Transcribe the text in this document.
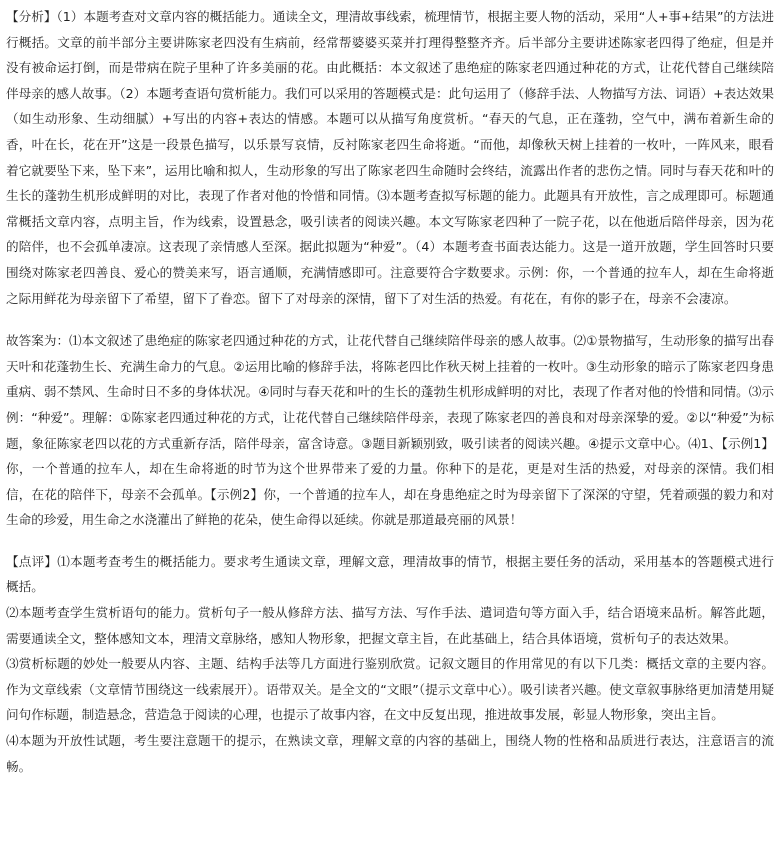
【分析】（1）本题考查对文章内容的概括能力。通读全文，理清故事线索，梳理情节，根据主要人物的活动，采用“人+事+结果”的方法进行概括。文章的前半部分主要讲陈家老四没有生病前，经常帮婆婆买菜并打理得整整齐齐。后半部分主要讲述陈家老四得了绝症，但是并没有被命运打倒，而是带病在院子里种了许多美丽的花。由此概括：本文叙述了患绝症的陈家老四通过种花的方式，让花代替自己继续陪伴母亲的感人故事。（2）本题考查语句赏析能力。我们可以采用的答题模式是：此句运用了（修辞手法、人物描写方法、词语）+表达效果（如生动形象、生动细腻）+写出的内容+表达的情感。本题可以从描写角度赏析。“春天的气息，正在蓬勃，空气中，满布着新生命的香，叶在长，花在开”这是一段景色描写，以乐景写哀情，反衬陈家老四生命将逝。“而他，却像秋天树上挂着的一枚叶，一阵风来，眼看着它就要坠下来，坠下来”，运用比喻和拟人，生动形象的写出了陈家老四生命随时会终结，流露出作者的悲伤之情。同时与春天花和叶的生长的蓬勃生机形成鲜明的对比，表现了作者对他的怜惜和同情。⑶本题考查拟写标题的能力。此题具有开放性，言之成理即可。标题通常概括文章内容，点明主旨，作为线索，设置悬念，吸引读者的阅读兴趣。本文写陈家老四种了一院子花，以在他逝后陪伴母亲，因为花的陪伴，也不会孤单凄凉。这表现了亲情感人至深。据此拟题为“种爱”。（4）本题考查书面表达能力。这是一道开放题，学生回答时只要围绕对陈家老四善良、爱心的赞美来写，语言通顺，充满情感即可。注意要符合字数要求。示例：你，一个普通的拉车人，却在生命将逝之际用鲜花为母亲留下了希望，留下了眷恋。留下了对母亲的深情，留下了对生活的热爱。有花在，有你的影子在，母亲不会凄凉。

故答案为：⑴本文叙述了患绝症的陈家老四通过种花的方式，让花代替自己继续陪伴母亲的感人故事。⑵①景物描写，生动形象的描写出春天叶和花蓬勃生长、充满生命力的气息。②运用比喻的修辞手法，将陈老四比作秋天树上挂着的一枚叶。③生动形象的暗示了陈家老四身患重病、弱不禁风、生命时日不多的身体状况。④同时与春天花和叶的生长的蓬勃生机形成鲜明的对比，表现了作者对他的怜惜和同情。⑶示例：“种爱”。理解：①陈家老四通过种花的方式，让花代替自己继续陪伴母亲，表现了陈家老四的善良和对母亲深挚的爱。②以“种爱”为标题，象征陈家老四以花的方式重新存活，陪伴母亲，富含诗意。③题目新颖别致，吸引读者的阅读兴趣。④提示文章中心。⑷1、【示例1】你，一个普通的拉车人，却在生命将逝的时节为这个世界带来了爱的力量。你种下的是花，更是对生活的热爱，对母亲的深情。我们相信，在花的陪伴下，母亲不会孤单。【示例2】你，一个普通的拉车人，却在身患绝症之时为母亲留下了深深的守望，凭着顽强的毅力和对生命的珍爱，用生命之水浇灌出了鲜艳的花朵，使生命得以延续。你就是那道最亮丽的风景！

【点评】⑴本题考查考生的概括能力。要求考生通读文章，理解文意，理清故事的情节，根据主要任务的活动，采用基本的答题模式进行概括。

⑵本题考查学生赏析语句的能力。赏析句子一般从修辞方法、描写方法、写作手法、遣词造句等方面入手，结合语境来品析。解答此题，需要通读全文，整体感知文本，理清文章脉络，感知人物形象，把握文章主旨，在此基础上，结合具体语境，赏析句子的表达效果。

⑶赏析标题的妙处一般要从内容、主题、结构手法等几方面进行鉴别欣赏。记叙文题目的作用常见的有以下几类：概括文章的主要内容。作为文章线索（文章情节围绕这一线索展开）。语带双关。是全文的“文眼”（提示文章中心）。吸引读者兴趣。使文章叙事脉络更加清楚用疑问句作标题，制造悬念，营造急于阅读的心理，也提示了故事内容，在文中反复出现，推进故事发展，彰显人物形象，突出主旨。

⑷本题为开放性试题，考生要注意题干的提示，在熟读文章，理解文章的内容的基础上，围绕人物的性格和品质进行表达，注意语言的流畅。
